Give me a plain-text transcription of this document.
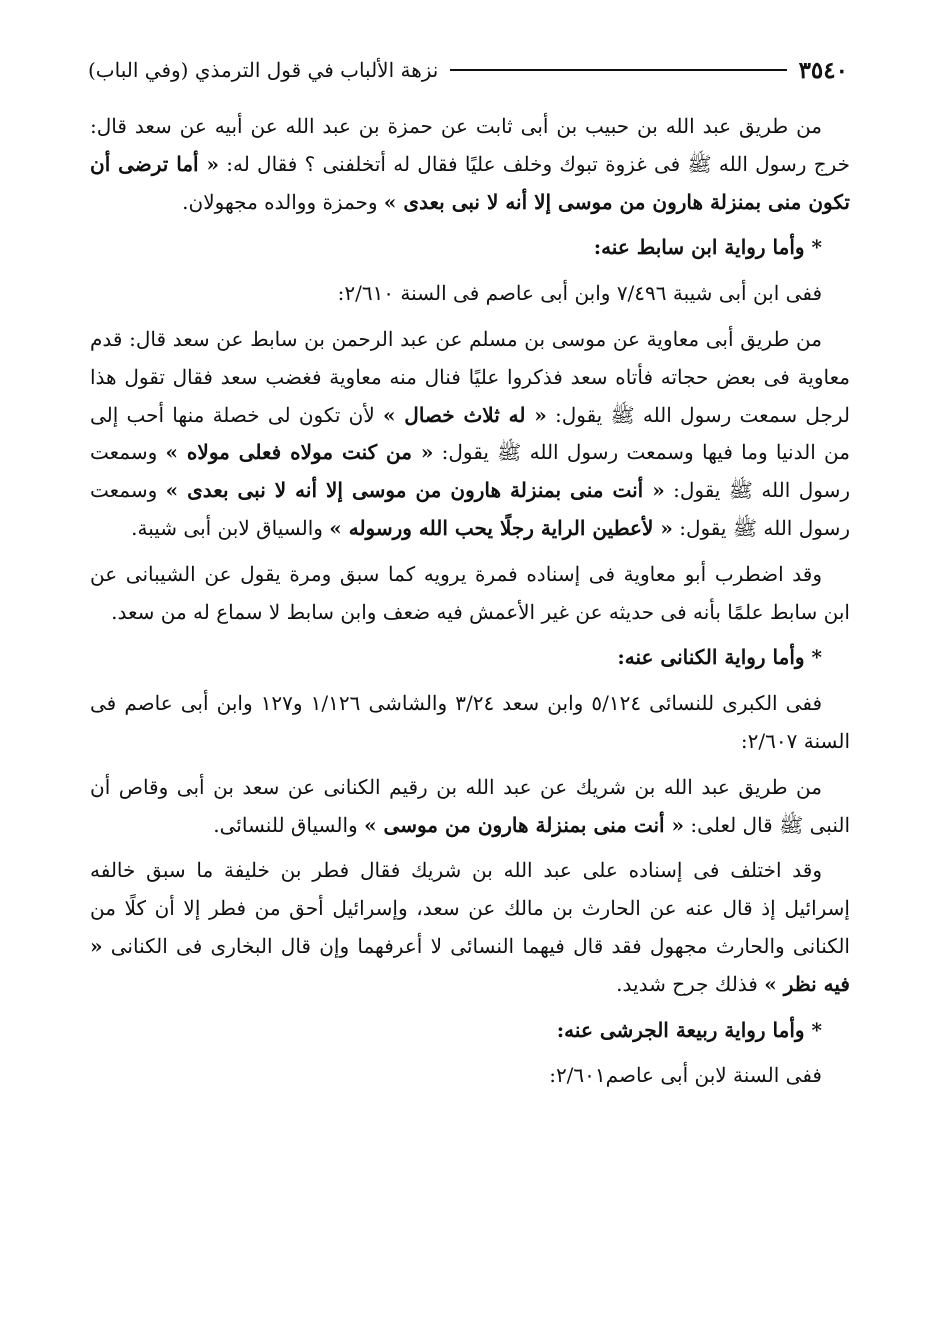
٣٥٤٠
نزهة الألباب في قول الترمذي (وفي الباب)

من طريق عبد الله بن حبيب بن أبى ثابت عن حمزة بن عبد الله عن أبيه عن سعد قال: خرج رسول الله ﷺ فى غزوة تبوك وخلف عليًا فقال له أتخلفنى ؟ فقال له: « أما ترضى أن تكون منى بمنزلة هارون من موسى إلا أنه لا نبى بعدى » وحمزة ووالده مجهولان.

* وأما رواية ابن سابط عنه:

ففى ابن أبى شيبة ٧/٤٩٦ وابن أبى عاصم فى السنة ٢/٦١٠:

من طريق أبى معاوية عن موسى بن مسلم عن عبد الرحمن بن سابط عن سعد قال: قدم معاوية فى بعض حجاته فأتاه سعد فذكروا عليًا فنال منه معاوية فغضب سعد فقال تقول هذا لرجل سمعت رسول الله ﷺ يقول: « له ثلاث خصال » لأن تكون لى خصلة منها أحب إلى من الدنيا وما فيها وسمعت رسول الله ﷺ يقول: « من كنت مولاه فعلى مولاه » وسمعت رسول الله ﷺ يقول: « أنت منى بمنزلة هارون من موسى إلا أنه لا نبى بعدى » وسمعت رسول الله ﷺ يقول: « لأعطين الراية رجلًا يحب الله ورسوله » والسياق لابن أبى شيبة.

وقد اضطرب أبو معاوية فى إسناده فمرة يرويه كما سبق ومرة يقول عن الشيبانى عن ابن سابط علمًا بأنه فى حديثه عن غير الأعمش فيه ضعف وابن سابط لا سماع له من سعد.

* وأما رواية الكنانى عنه:

ففى الكبرى للنسائى ٥/١٢٤ وابن سعد ٣/٢٤ والشاشى ١/١٢٦ و١٢٧ وابن أبى عاصم فى السنة ٢/٦٠٧:

من طريق عبد الله بن شريك عن عبد الله بن رقيم الكنانى عن سعد بن أبى وقاص أن النبى ﷺ قال لعلى: « أنت منى بمنزلة هارون من موسى » والسياق للنسائى.

وقد اختلف فى إسناده على عبد الله بن شريك فقال فطر بن خليفة ما سبق خالفه إسرائيل إذ قال عنه عن الحارث بن مالك عن سعد، وإسرائيل أحق من فطر إلا أن كلًا من الكنانى والحارث مجهول فقد قال فيهما النسائى لا أعرفهما وإن قال البخارى فى الكنانى « فيه نظر » فذلك جرح شديد.

* وأما رواية ربيعة الجرشى عنه:

ففى السنة لابن أبى عاصم٢/٦٠١:
